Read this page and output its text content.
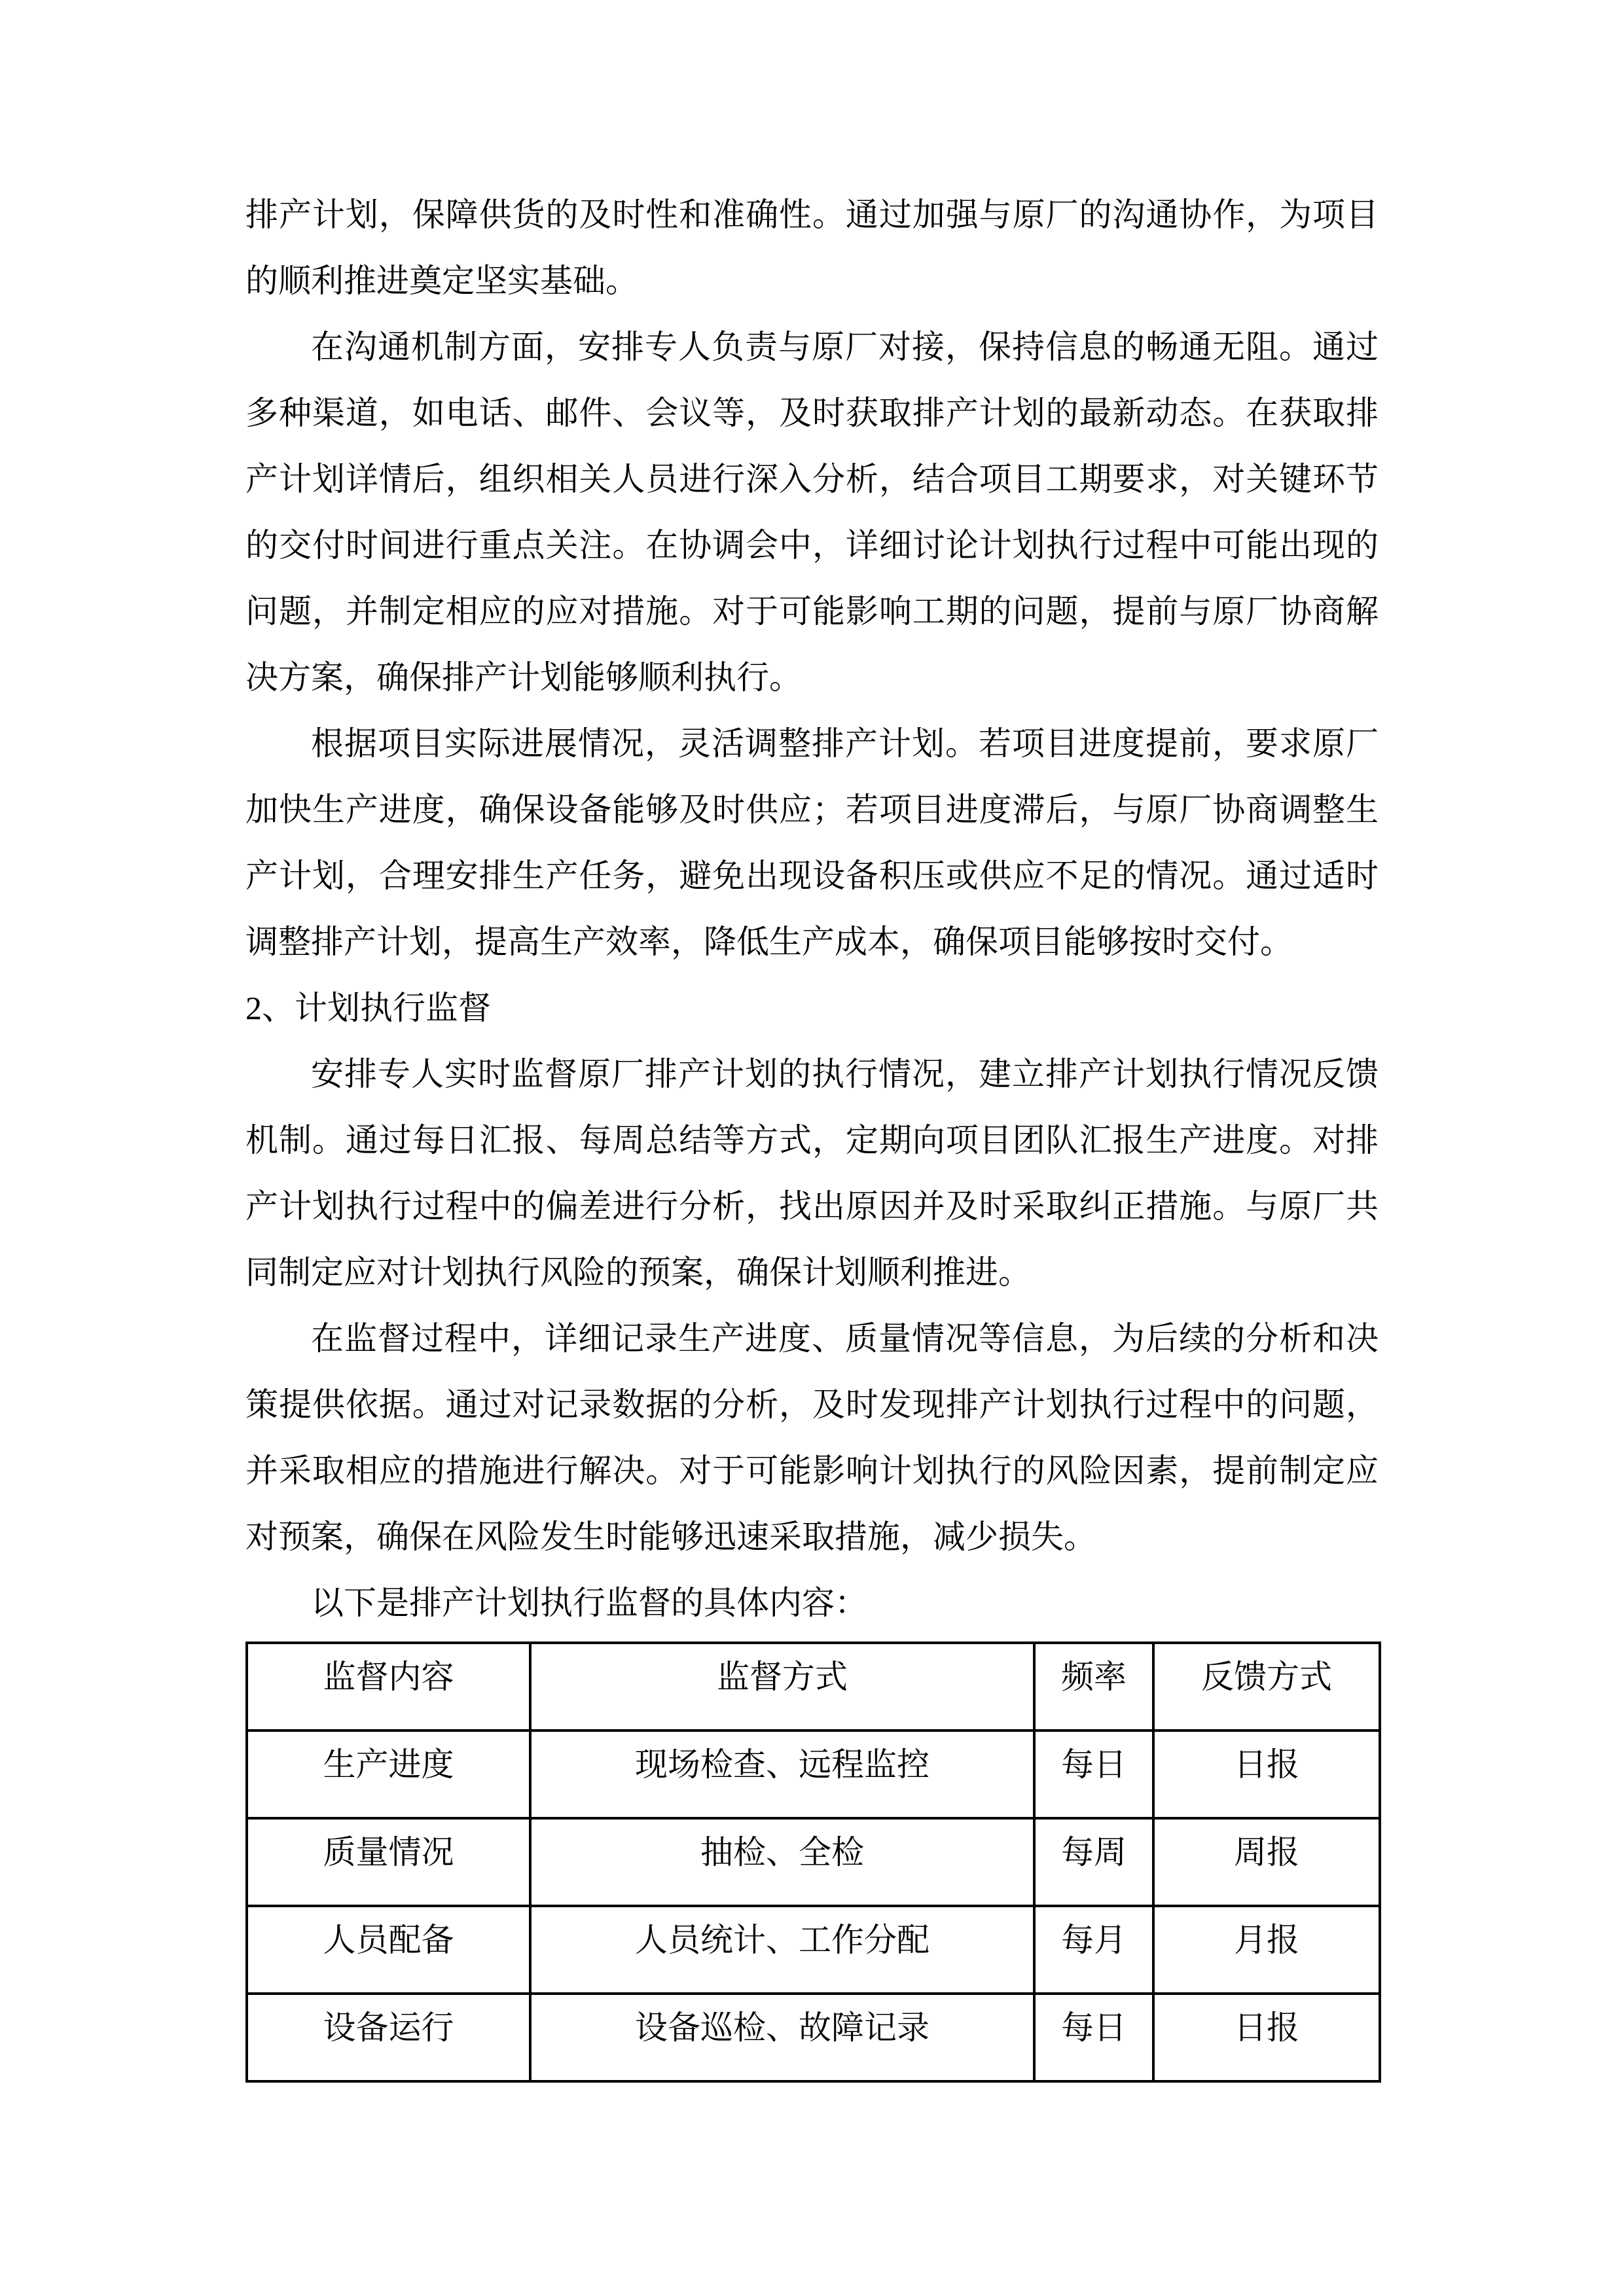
排产计划，保障供货的及时性和准确性。通过加强与原厂的沟通协作，为项目的顺利推进奠定坚实基础。

在沟通机制方面，安排专人负责与原厂对接，保持信息的畅通无阻。通过多种渠道，如电话、邮件、会议等，及时获取排产计划的最新动态。在获取排产计划详情后，组织相关人员进行深入分析，结合项目工期要求，对关键环节的交付时间进行重点关注。在协调会中，详细讨论计划执行过程中可能出现的问题，并制定相应的应对措施。对于可能影响工期的问题，提前与原厂协商解决方案，确保排产计划能够顺利执行。

根据项目实际进展情况，灵活调整排产计划。若项目进度提前，要求原厂加快生产进度，确保设备能够及时供应；若项目进度滞后，与原厂协商调整生产计划，合理安排生产任务，避免出现设备积压或供应不足的情况。通过适时调整排产计划，提高生产效率，降低生产成本，确保项目能够按时交付。

2、计划执行监督

安排专人实时监督原厂排产计划的执行情况，建立排产计划执行情况反馈机制。通过每日汇报、每周总结等方式，定期向项目团队汇报生产进度。对排产计划执行过程中的偏差进行分析，找出原因并及时采取纠正措施。与原厂共同制定应对计划执行风险的预案，确保计划顺利推进。

在监督过程中，详细记录生产进度、质量情况等信息，为后续的分析和决策提供依据。通过对记录数据的分析，及时发现排产计划执行过程中的问题，并采取相应的措施进行解决。对于可能影响计划执行的风险因素，提前制定应对预案，确保在风险发生时能够迅速采取措施，减少损失。

以下是排产计划执行监督的具体内容：

监督内容	监督方式	频率	反馈方式
生产进度	现场检查、远程监控	每日	日报
质量情况	抽检、全检	每周	周报
人员配备	人员统计、工作分配	每月	月报
设备运行	设备巡检、故障记录	每日	日报
